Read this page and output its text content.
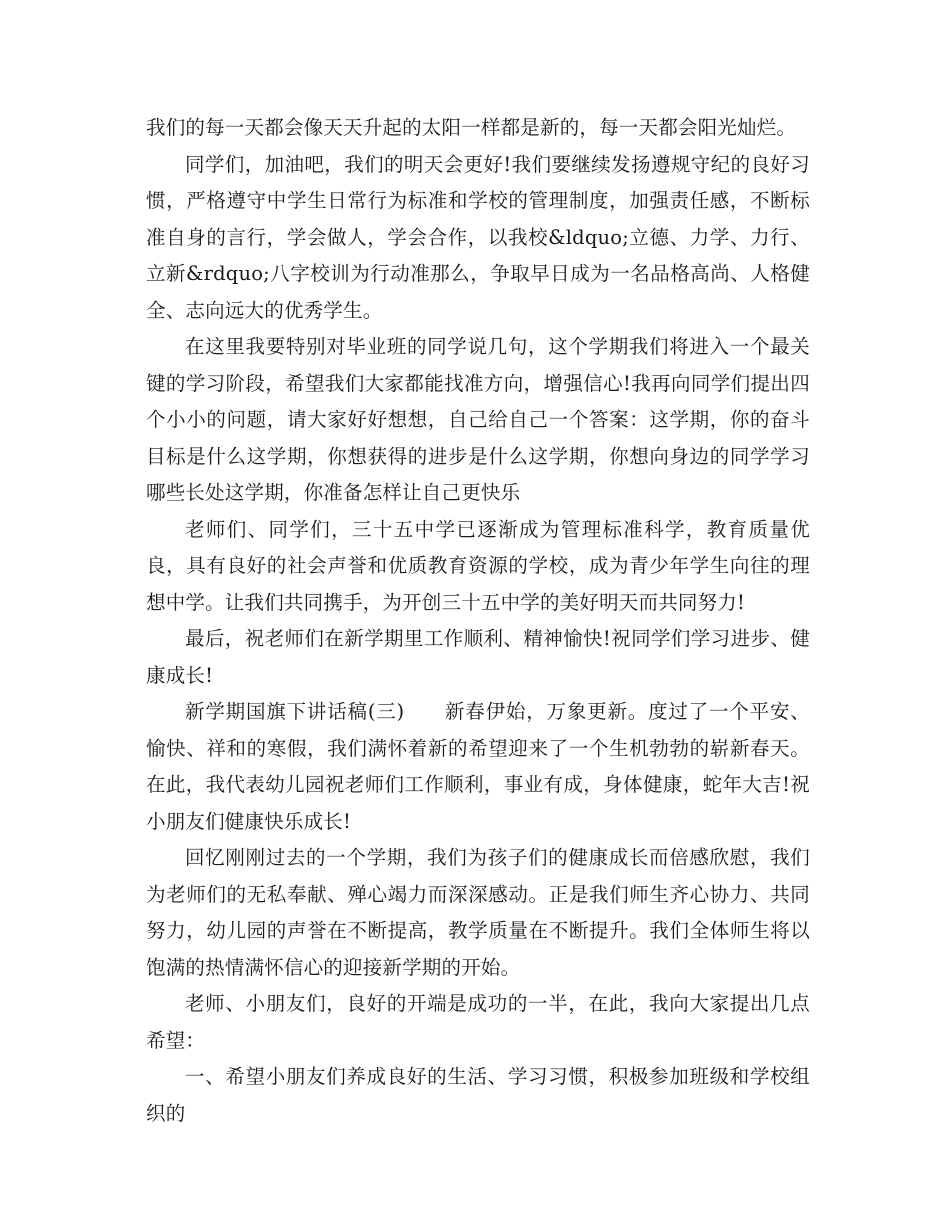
我们的每一天都会像天天升起的太阳一样都是新的，每一天都会阳光灿烂。

同学们，加油吧，我们的明天会更好!我们要继续发扬遵规守纪的良好习惯，严格遵守中学生日常行为标准和学校的管理制度，加强责任感，不断标准自身的言行，学会做人，学会合作，以我校&ldquo;立德、力学、力行、立新&rdquo;八字校训为行动准那么，争取早日成为一名品格高尚、人格健全、志向远大的优秀学生。

在这里我要特别对毕业班的同学说几句，这个学期我们将进入一个最关键的学习阶段，希望我们大家都能找准方向，增强信心!我再向同学们提出四个小小的问题，请大家好好想想，自己给自己一个答案：这学期，你的奋斗目标是什么这学期，你想获得的进步是什么这学期，你想向身边的同学学习哪些长处这学期，你准备怎样让自己更快乐

老师们、同学们，三十五中学已逐渐成为管理标准科学，教育质量优良，具有良好的社会声誉和优质教育资源的学校，成为青少年学生向往的理想中学。让我们共同携手，为开创三十五中学的美好明天而共同努力!

最后，祝老师们在新学期里工作顺利、精神愉快!祝同学们学习进步、健康成长!

新学期国旗下讲话稿(三) 新春伊始，万象更新。度过了一个平安、愉快、祥和的寒假，我们满怀着新的希望迎来了一个生机勃勃的崭新春天。在此，我代表幼儿园祝老师们工作顺利，事业有成，身体健康，蛇年大吉!祝小朋友们健康快乐成长!

回忆刚刚过去的一个学期，我们为孩子们的健康成长而倍感欣慰，我们为老师们的无私奉献、殚心竭力而深深感动。正是我们师生齐心协力、共同努力，幼儿园的声誉在不断提高，教学质量在不断提升。我们全体师生将以饱满的热情满怀信心的迎接新学期的开始。

老师、小朋友们，良好的开端是成功的一半，在此，我向大家提出几点希望：

一、希望小朋友们养成良好的生活、学习习惯，积极参加班级和学校组织的
